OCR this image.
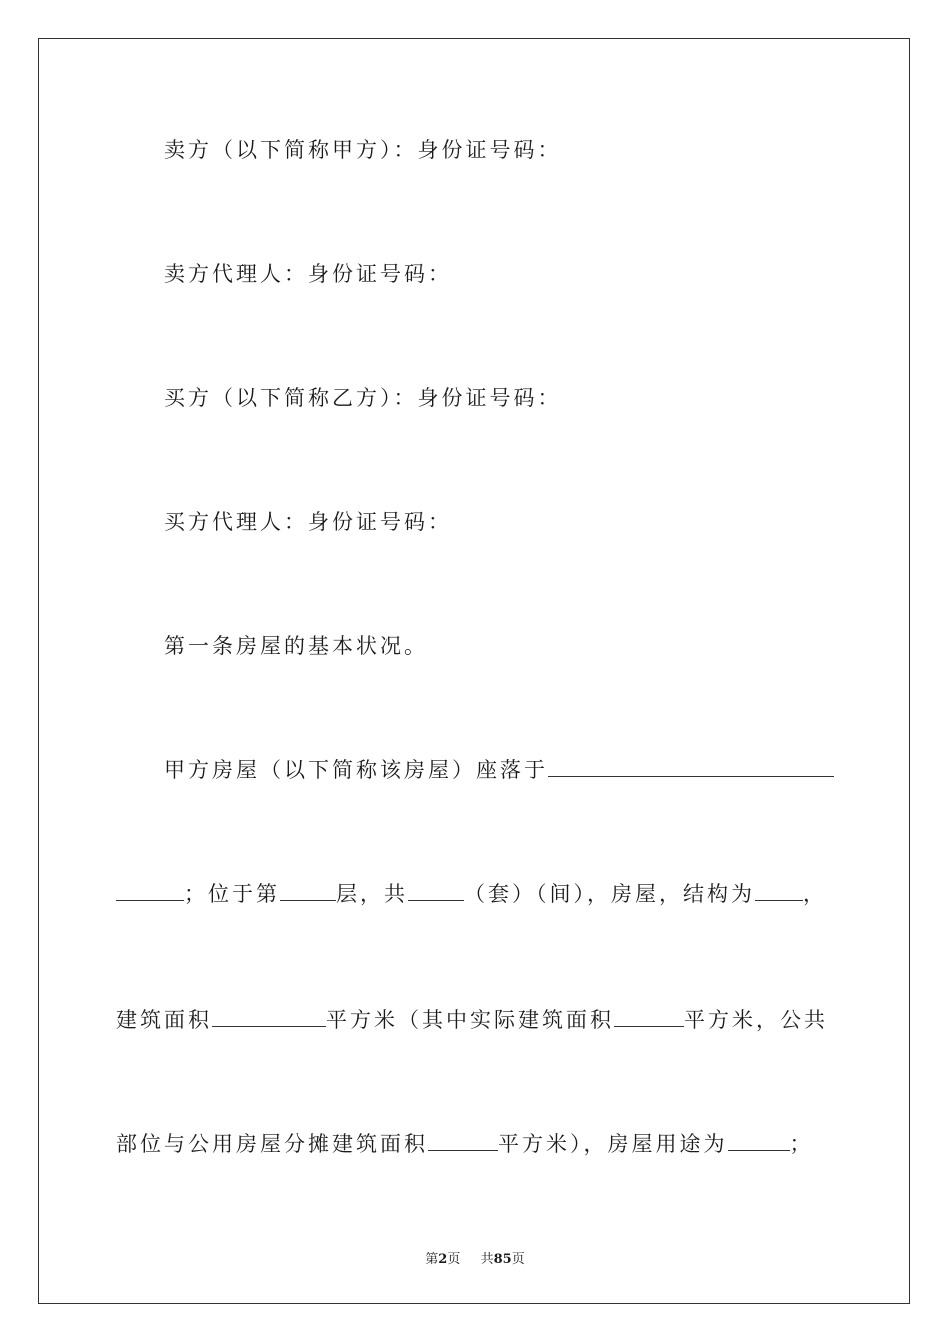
卖方（以下简称甲方）：身份证号码：
卖方代理人：身份证号码：
买方（以下简称乙方）：身份证号码：
买方代理人：身份证号码：
第一条房屋的基本状况。
甲方房屋（以下简称该房屋）座落于
；位于第	层，共	（套）（间），房屋，结构为 ，
建筑面积	平方米（其中实际建筑面积	平方米，公共
部位与公用房屋分摊建筑面积	平方米），房屋用途为	；
第2页 共85页
